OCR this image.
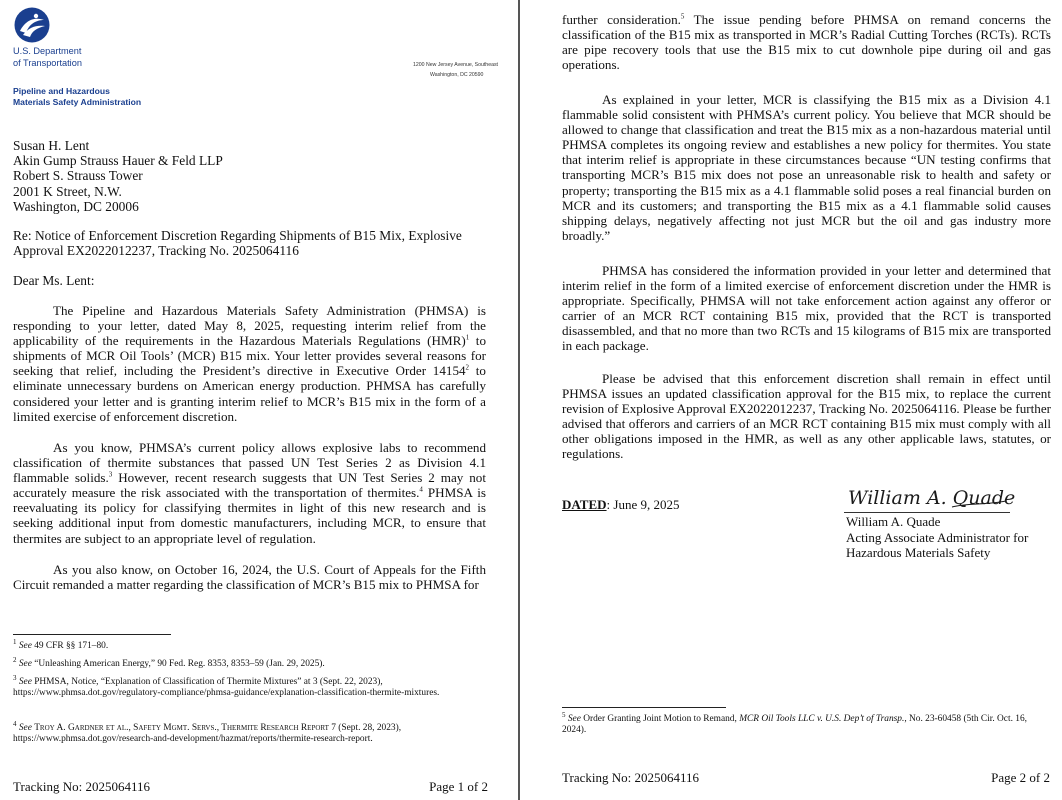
U.S. Department
of Transportation	1200 New Jersey Avenue, Southeast
Washington, DC 20590
Pipeline and Hazardous
Materials Safety Administration
Susan H. Lent
Akin Gump Strauss Hauer & Feld LLP
Robert S. Strauss Tower
2001 K Street, N.W.
Washington, DC 20006
Re: Notice of Enforcement Discretion Regarding Shipments of B15 Mix, Explosive Approval EX2022012237, Tracking No. 2025064116
Dear Ms. Lent:
The Pipeline and Hazardous Materials Safety Administration (PHMSA) is responding to your letter, dated May 8, 2025, requesting interim relief from the applicability of the requirements in the Hazardous Materials Regulations (HMR)$^1$ to shipments of MCR Oil Tools’ (MCR) B15 mix. Your letter provides several reasons for seeking that relief, including the President’s directive in Executive Order 14154$^2$ to eliminate unnecessary burdens on American energy production. PHMSA has carefully considered your letter and is granting interim relief to MCR’s B15 mix in the form of a limited exercise of enforcement discretion.
As you know, PHMSA’s current policy allows explosive labs to recommend classification of thermite substances that passed UN Test Series 2 as Division 4.1 flammable solids.$^3$ However, recent research suggests that UN Test Series 2 may not accurately measure the risk associated with the transportation of thermites.$^4$ PHMSA is reevaluating its policy for classifying thermites in light of this new research and is seeking additional input from domestic manufacturers, including MCR, to ensure that thermites are subject to an appropriate level of regulation.
As you also know, on October 16, 2024, the U.S. Court of Appeals for the Fifth Circuit remanded a matter regarding the classification of MCR’s B15 mix to PHMSA for
$^1$ See 49 CFR §§ 171–80.
$^2$ See “Unleashing American Energy,” 90 Fed. Reg. 8353, 8353–59 (Jan. 29, 2025).
$^3$ See PHMSA, Notice, “Explanation of Classification of Thermite Mixtures” at 3 (Sept. 22, 2023), https://www.phmsa.dot.gov/regulatory-compliance/phmsa-guidance/explanation-classification-thermite-mixtures.
$^4$ See Troy A. Gardner et al., Safety Mgmt. Servs., Thermite Research Report 7 (Sept. 28, 2023), https://www.phmsa.dot.gov/research-and-development/hazmat/reports/thermite-research-report.
Tracking No: 2025064116	Page 1 of 2
further consideration.$^5$ The issue pending before PHMSA on remand concerns the classification of the B15 mix as transported in MCR’s Radial Cutting Torches (RCTs). RCTs are pipe recovery tools that use the B15 mix to cut downhole pipe during oil and gas operations.
As explained in your letter, MCR is classifying the B15 mix as a Division 4.1 flammable solid consistent with PHMSA’s current policy. You believe that MCR should be allowed to change that classification and treat the B15 mix as a non-hazardous material until PHMSA completes its ongoing review and establishes a new policy for thermites. You state that interim relief is appropriate in these circumstances because “UN testing confirms that transporting MCR’s B15 mix does not pose an unreasonable risk to health and safety or property; transporting the B15 mix as a 4.1 flammable solid poses a real financial burden on MCR and its customers; and transporting the B15 mix as a 4.1 flammable solid causes shipping delays, negatively affecting not just MCR but the oil and gas industry more broadly.”
PHMSA has considered the information provided in your letter and determined that interim relief in the form of a limited exercise of enforcement discretion under the HMR is appropriate. Specifically, PHMSA will not take enforcement action against any offeror or carrier of an MCR RCT containing B15 mix, provided that the RCT is transported disassembled, and that no more than two RCTs and 15 kilograms of B15 mix are transported in each package.
Please be advised that this enforcement discretion shall remain in effect until PHMSA issues an updated classification approval for the B15 mix, to replace the current revision of Explosive Approval EX2022012237, Tracking No. 2025064116. Please be further advised that offerors and carriers of an MCR RCT containing B15 mix must comply with all other obligations imposed in the HMR, as well as any other applicable laws, statutes, or regulations.
DATED: June 9, 2025	William A. Quade
William A. Quade
Acting Associate Administrator for
Hazardous Materials Safety
$^5$ See Order Granting Joint Motion to Remand, MCR Oil Tools LLC v. U.S. Dep’t of Transp., No. 23-60458 (5th Cir. Oct. 16, 2024).
Tracking No: 2025064116	Page 2 of 2
